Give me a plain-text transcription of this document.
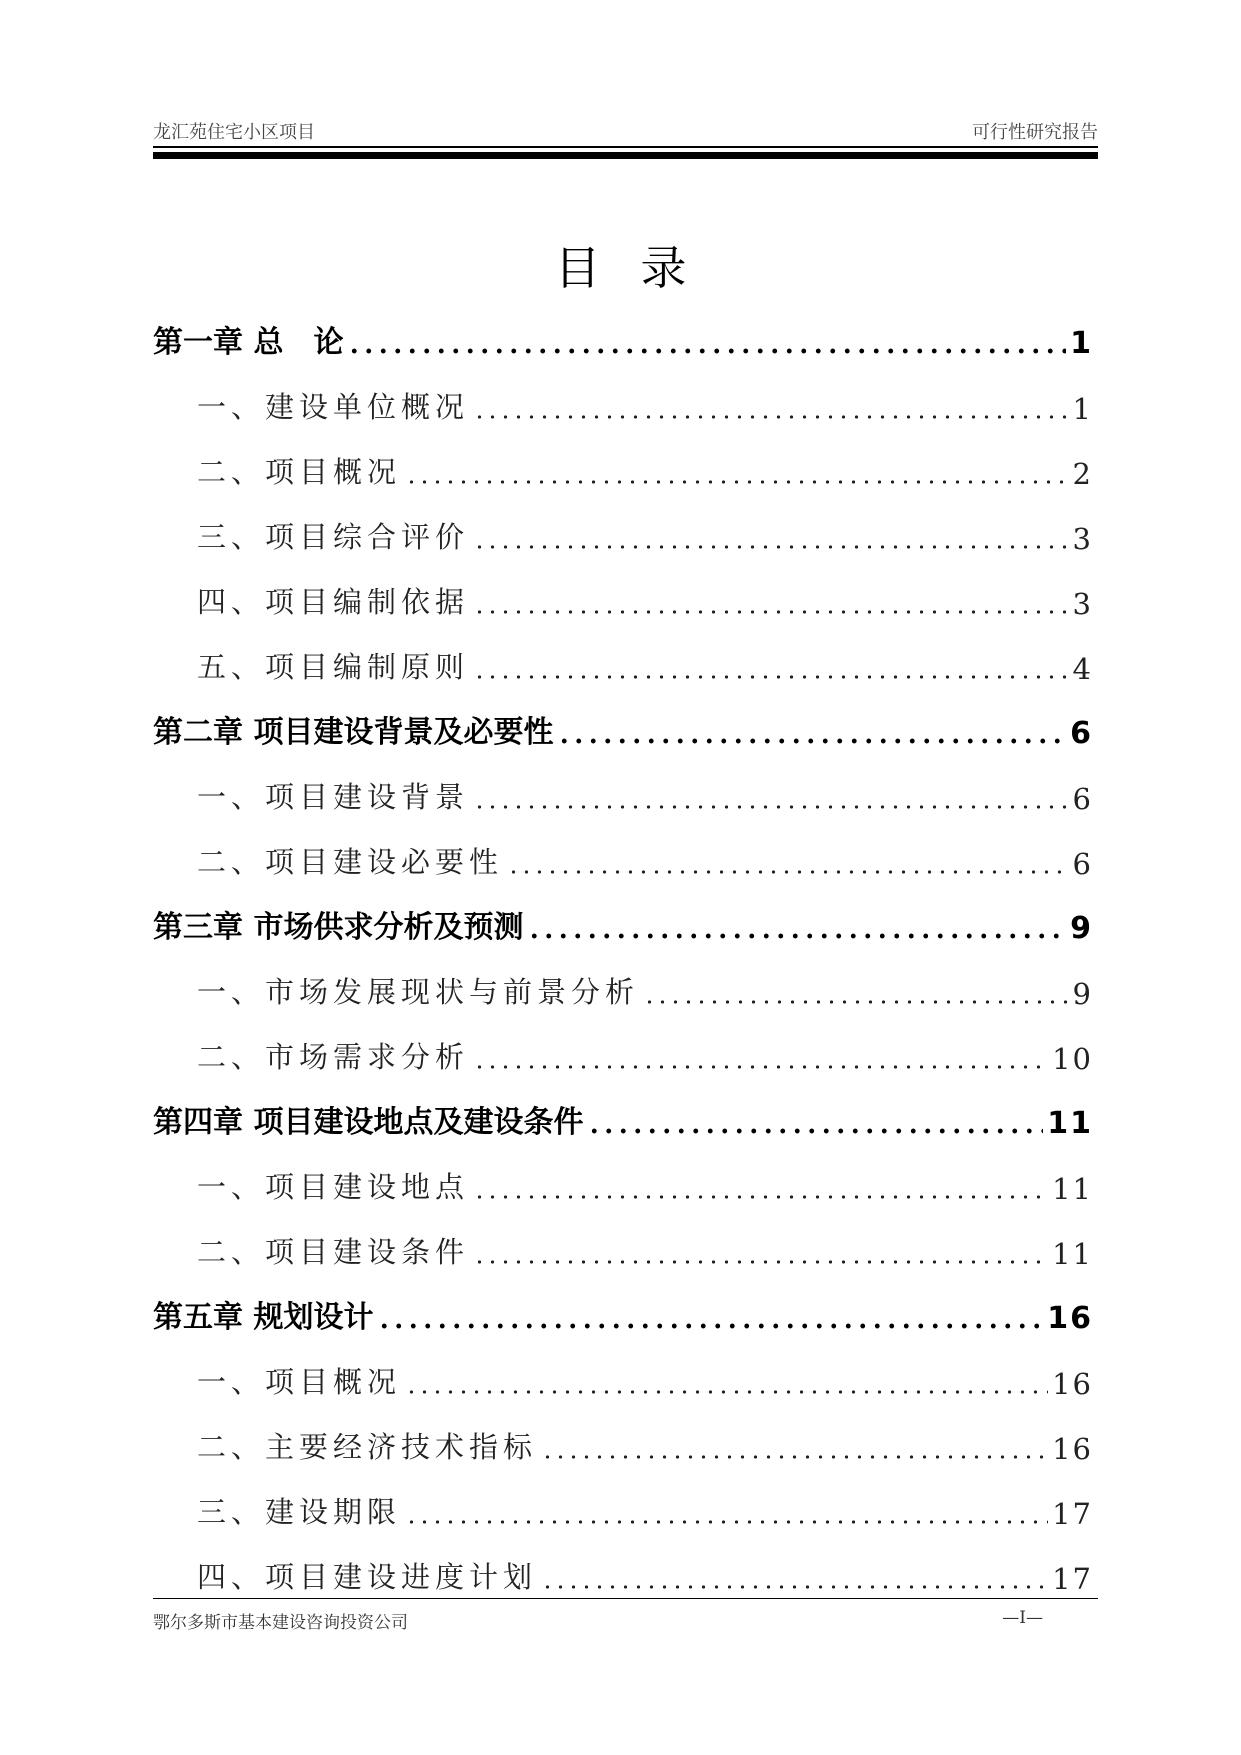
龙汇苑住宅小区项目	可行性研究报告
目录
第一章 总　论	1
一、建设单位概况	1
二、项目概况	2
三、项目综合评价	3
四、项目编制依据	3
五、项目编制原则	4
第二章 项目建设背景及必要性	6
一、项目建设背景	6
二、项目建设必要性	6
第三章 市场供求分析及预测	9
一、市场发展现状与前景分析	9
二、市场需求分析	10
第四章 项目建设地点及建设条件	11
一、项目建设地点	11
二、项目建设条件	11
第五章 规划设计	16
一、项目概况	16
二、主要经济技术指标	16
三、建设期限	17
四、项目建设进度计划	17
鄂尔多斯市基本建设咨询投资公司	—I—
